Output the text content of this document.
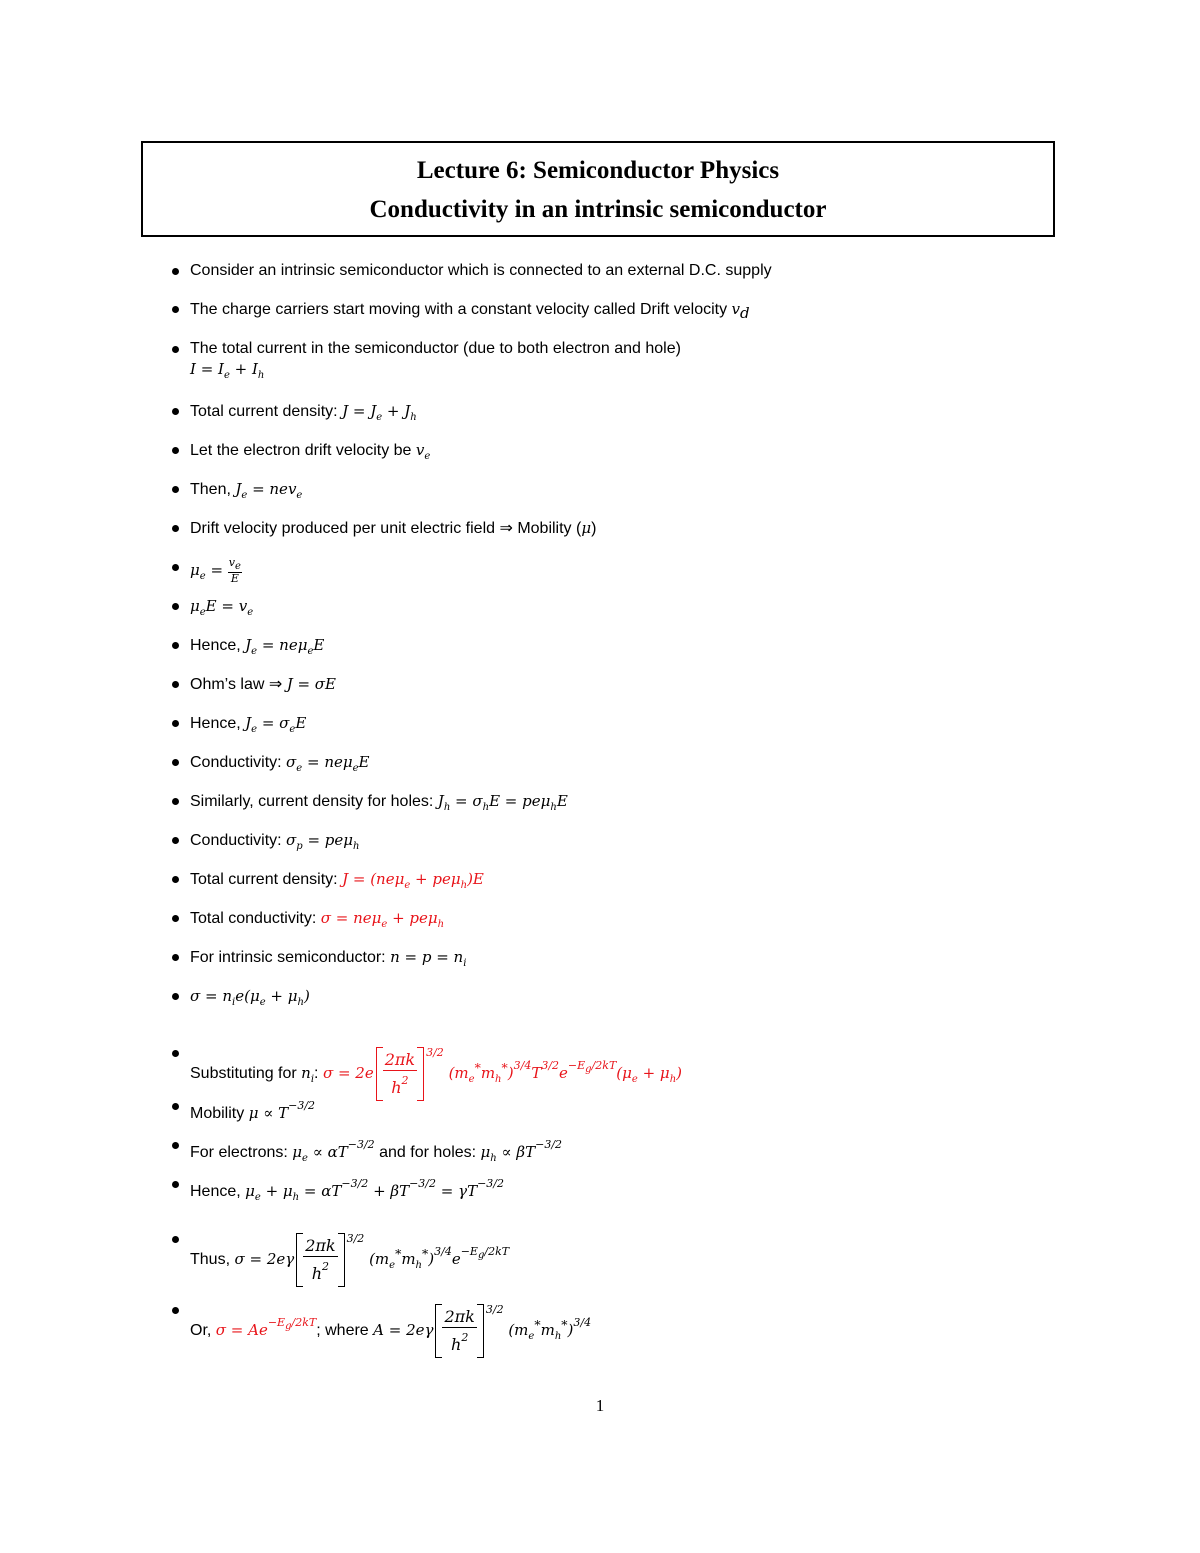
Lecture 6: Semiconductor Physics
Conductivity in an intrinsic semiconductor
Consider an intrinsic semiconductor which is connected to an external D.C. supply
The charge carriers start moving with a constant velocity called Drift velocity $v_d$
The total current in the semiconductor (due to both electron and hole)
$I = I_e + I_h$
Total current density: $J = J_e + J_h$
Let the electron drift velocity be $v_e$
Then, $J_e = nev_e$
Drift velocity produced per unit electric field ⇒ Mobility (μ)
$\mu_e = \frac{v_e}{E}$
$\mu_eE = v_e$
Hence, $J_e = ne\mu_eE$
Ohm’s law ⇒ J = σE
Hence, $J_e = \sigma_eE$
Conductivity: $\sigma_e = ne\mu_eE$
Similarly, current density for holes: $J_h = \sigma_hE = pe\mu_hE$
Conductivity: $\sigma_p = pe\mu_h$
Total current density: J = (neμ$_e$ + peμ$_h$)E
Total conductivity: σ = neμ$_e$ + peμ$_h$
For intrinsic semiconductor: $n = p = n_i$
$\sigma = n_ie(\mu_e + \mu_h)$
Substituting for $n_i$: $\sigma = 2e \frac{2\pi k}{h^2} ^{3/2}$ $(m_e^*m_h^*)^{3/4}T^{3/2}e^{-E_g/2kT}(\mu_e + \mu_h)$
Mobility $\mu \propto T^{-3/2}$
For electrons: $\mu_e \propto \alpha T^{-3/2}$ and for holes: $\mu_h \propto \beta T^{-3/2}$
Hence, $\mu_e + \mu_h = \alpha T^{-3/2} + \beta T^{-3/2} = \gamma T^{-3/2}$
Thus, $\sigma = 2e\gamma \frac{2\pi k}{h^2} ^{3/2}$ $(m_e^*m_h^*)^{3/4}e^{-E_g/2kT}$
Or, $\sigma = Ae^{-E_g/2kT}$; where $A = 2e\gamma \frac{2\pi k}{h^2} ^{3/2}$ $(m_e^*m_h^*)^{3/4}$
1
